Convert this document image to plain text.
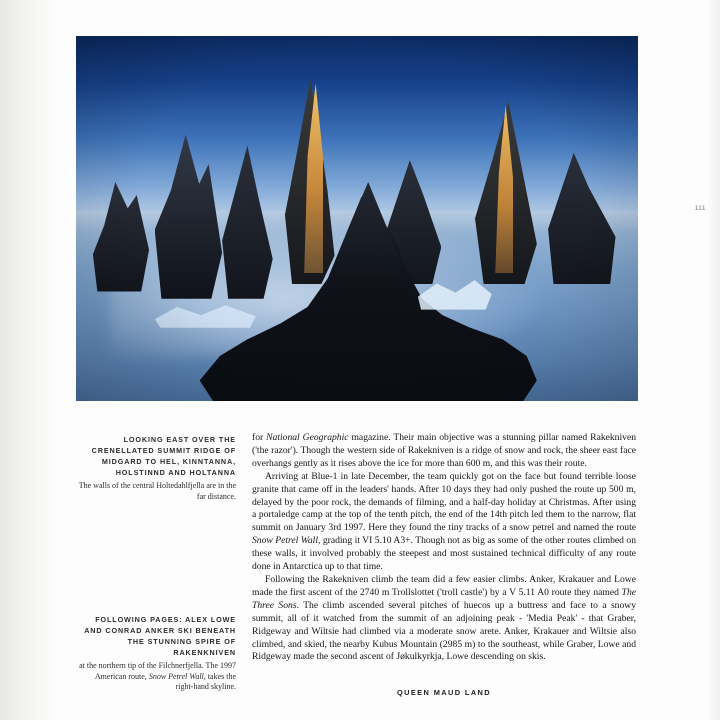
111

LOOKING EAST OVER THE CRENELLATED SUMMIT RIDGE OF MIDGARD TO HEL, KINNTANNA, HOLSTINND AND HOLTANNA

The walls of the central Holtedahlfjella are in the far distance.

FOLLOWING PAGES: ALEX LOWE AND CONRAD ANKER SKI BENEATH THE STUNNING SPIRE OF RAKENKNIVEN

at the northern tip of the Filchnerfjella. The 1997 American route, Snow Petrel Wall, takes the right-hand skyline.

for National Geographic magazine. Their main objective was a stunning pillar named Rakekniven ('the razor'). Though the western side of Rakekniven is a ridge of snow and rock, the sheer east face overhangs gently as it rises above the ice for more than 600 m, and this was their route.

Arriving at Blue-1 in late December, the team quickly got on the face but found terrible loose granite that came off in the leaders' hands. After 10 days they had only pushed the route up 500 m, delayed by the poor rock, the demands of filming, and a half-day holiday at Christmas. After using a portaledge camp at the top of the tenth pitch, the end of the 14th pitch led them to the narrow, flat summit on January 3rd 1997. Here they found the tiny tracks of a snow petrel and named the route Snow Petrel Wall, grading it VI 5.10 A3+. Though not as big as some of the other routes climbed on these walls, it involved probably the steepest and most sustained technical difficulty of any route done in Antarctica up to that time.

Following the Rakekniven climb the team did a few easier climbs. Anker, Krakauer and Lowe made the first ascent of the 2740 m Trollslottet ('troll castle') by a V 5.11 A0 route they named The Three Sons. The climb ascended several pitches of huecos up a buttress and face to a snowy summit, all of it watched from the summit of an adjoining peak - 'Media Peak' - that Graber, Ridgeway and Wiltsie had climbed via a moderate snow arete. Anker, Krakauer and Wiltsie also climbed, and skied, the nearby Kubus Mountain (2985 m) to the southeast, while Graber, Lowe and Ridgeway made the second ascent of Jøkulkyrkja, Lowe descending on skis.

QUEEN MAUD LAND
